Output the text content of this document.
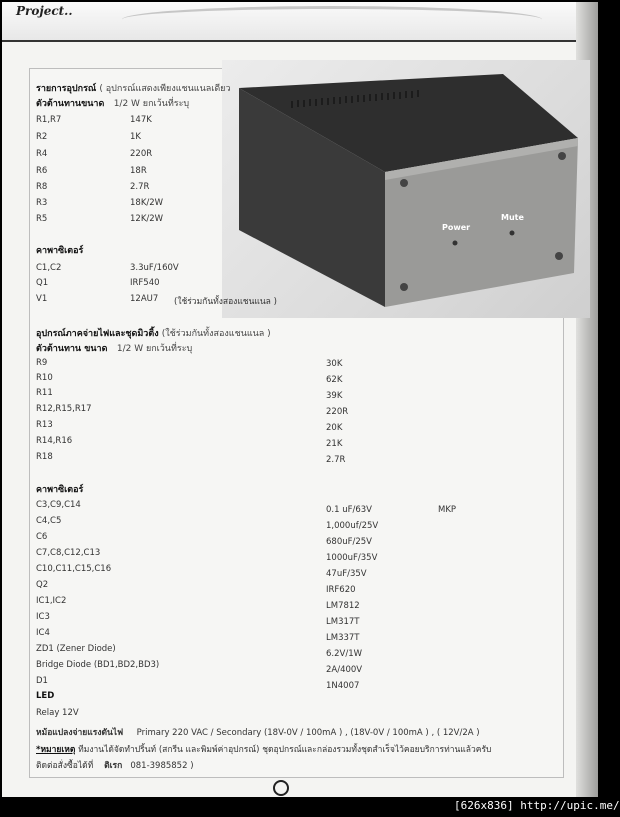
Project..
Power
Mute
รายการอุปกรณ์ ( อุปกรณ์แสดงเพียงแชนแนลเดียว
ตัวต้านทานขนาด 1/2 W ยกเว้นที่ระบุ
R1,R7	147K
R2	1K
R4	220R
R6	18R
R8	2.7R
R3	18K/2W
R5	12K/2W
คาพาซิเตอร์
C1,C2	3.3uF/160V
Q1	IRF540
V1	12AU7 (ใช้ร่วมกันทั้งสองแชนแนล )
อุปกรณ์ภาคจ่ายไฟและชุดมิวติ้ง (ใช้ร่วมกันทั้งสองแชนแนล )
ตัวต้านทาน ขนาด 1/2 W ยกเว้นที่ระบุ
R9	30K
R10	62K
R11	39K
R12,R15,R17	220R
R13	20K
R14,R16	21K
R18	2.7R
คาพาซิเตอร์
C3,C9,C14	0.1 uF/63V	MKP
C4,C5	1,000uf/25V
C6	680uF/25V
C7,C8,C12,C13	1000uF/35V
C10,C11,C15,C16	47uF/35V
Q2	IRF620
IC1,IC2	LM7812
IC3	LM317T
IC4	LM337T
ZD1 (Zener Diode)	6.2V/1W
Bridge Diode (BD1,BD2,BD3)	2A/400V
D1	1N4007
LED
Relay 12V
หม้อแปลงจ่ายแรงดันไฟ Primary 220 VAC / Secondary (18V-0V / 100mA ) , (18V-0V / 100mA ) , ( 12V/2A )
*หมายเหตุ ทีมงานได้จัดทำปริ้นท์ (สกรีน และพิมพ์ค่าอุปกรณ์) ชุดอุปกรณ์และกล่องรวมทั้งชุดสำเร็จไว้คอยบริการท่านแล้วครับ
ติดต่อสั่งซื้อได้ที่ ติเรก 081-3985852 )
[626x836] http://upic.me/
